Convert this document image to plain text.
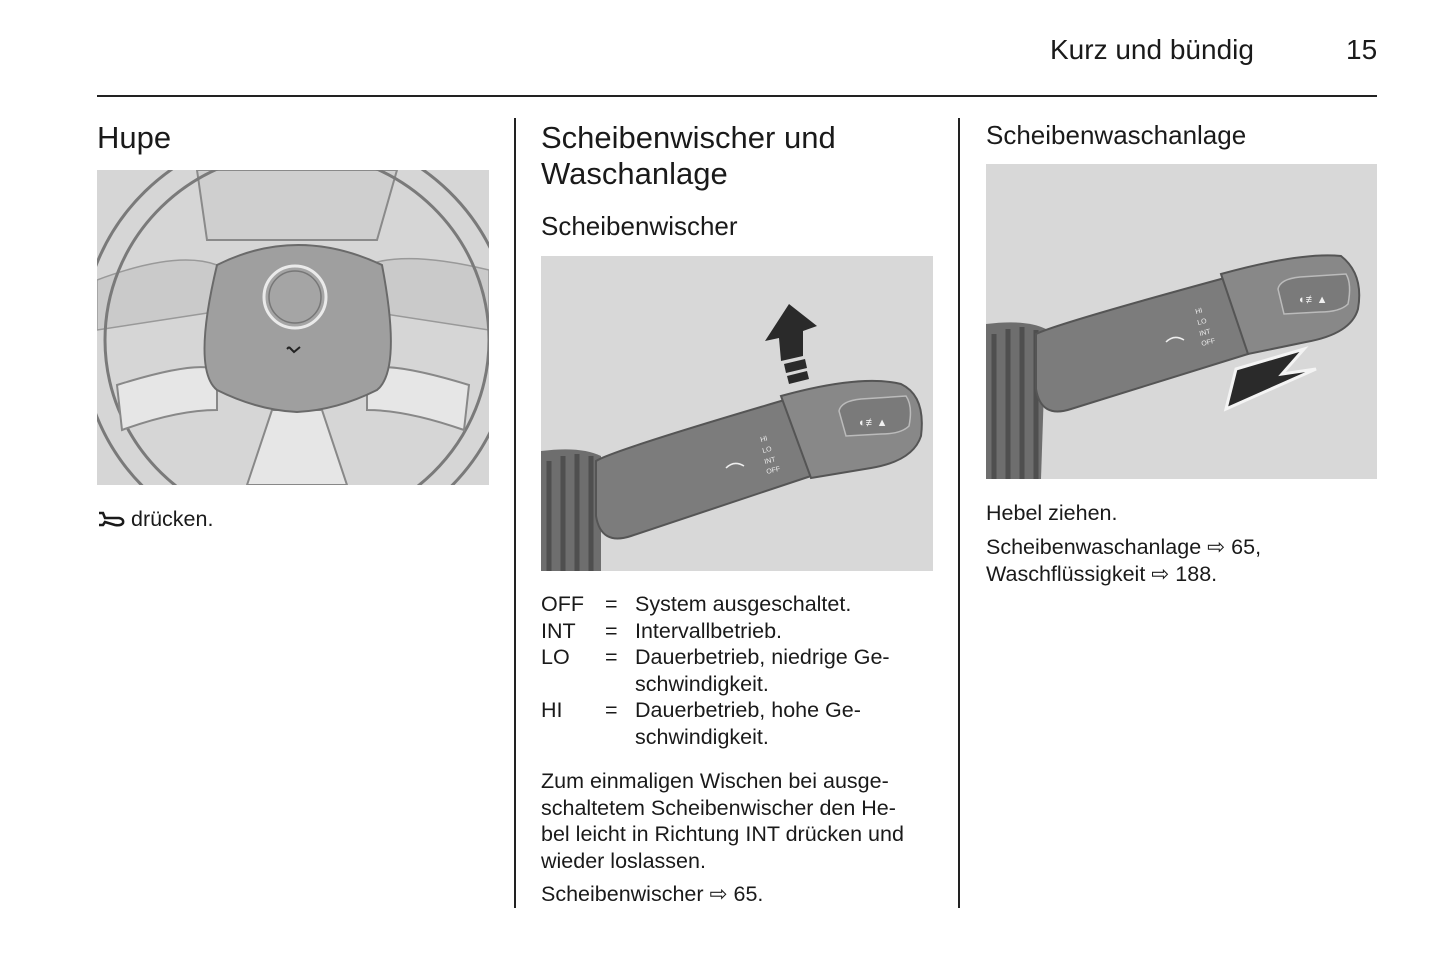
Kurz und bündig	15
Hupe

drücken.

Scheibenwischer und
Waschanlage
Scheibenwischer
◐≢▲
HI
LO
INT
OFF
OFF = System ausgeschaltet.
INT	= Intervallbetrieb.
LO	= Dauerbetrieb, niedrige Ge-
schwindigkeit.
HI	= Dauerbetrieb, hohe Ge-
schwindigkeit.

Zum einmaligen Wischen bei ausge-
schaltetem Scheibenwischer den He-
bel leicht in Richtung INT drücken und
wieder loslassen.

Scheibenwischer ⇨ 65.

Scheibenwaschanlage
◐≢▲
HI
LO
INT
OFF

Hebel ziehen.

Scheibenwaschanlage ⇨ 65,
Waschflüssigkeit ⇨ 188.
